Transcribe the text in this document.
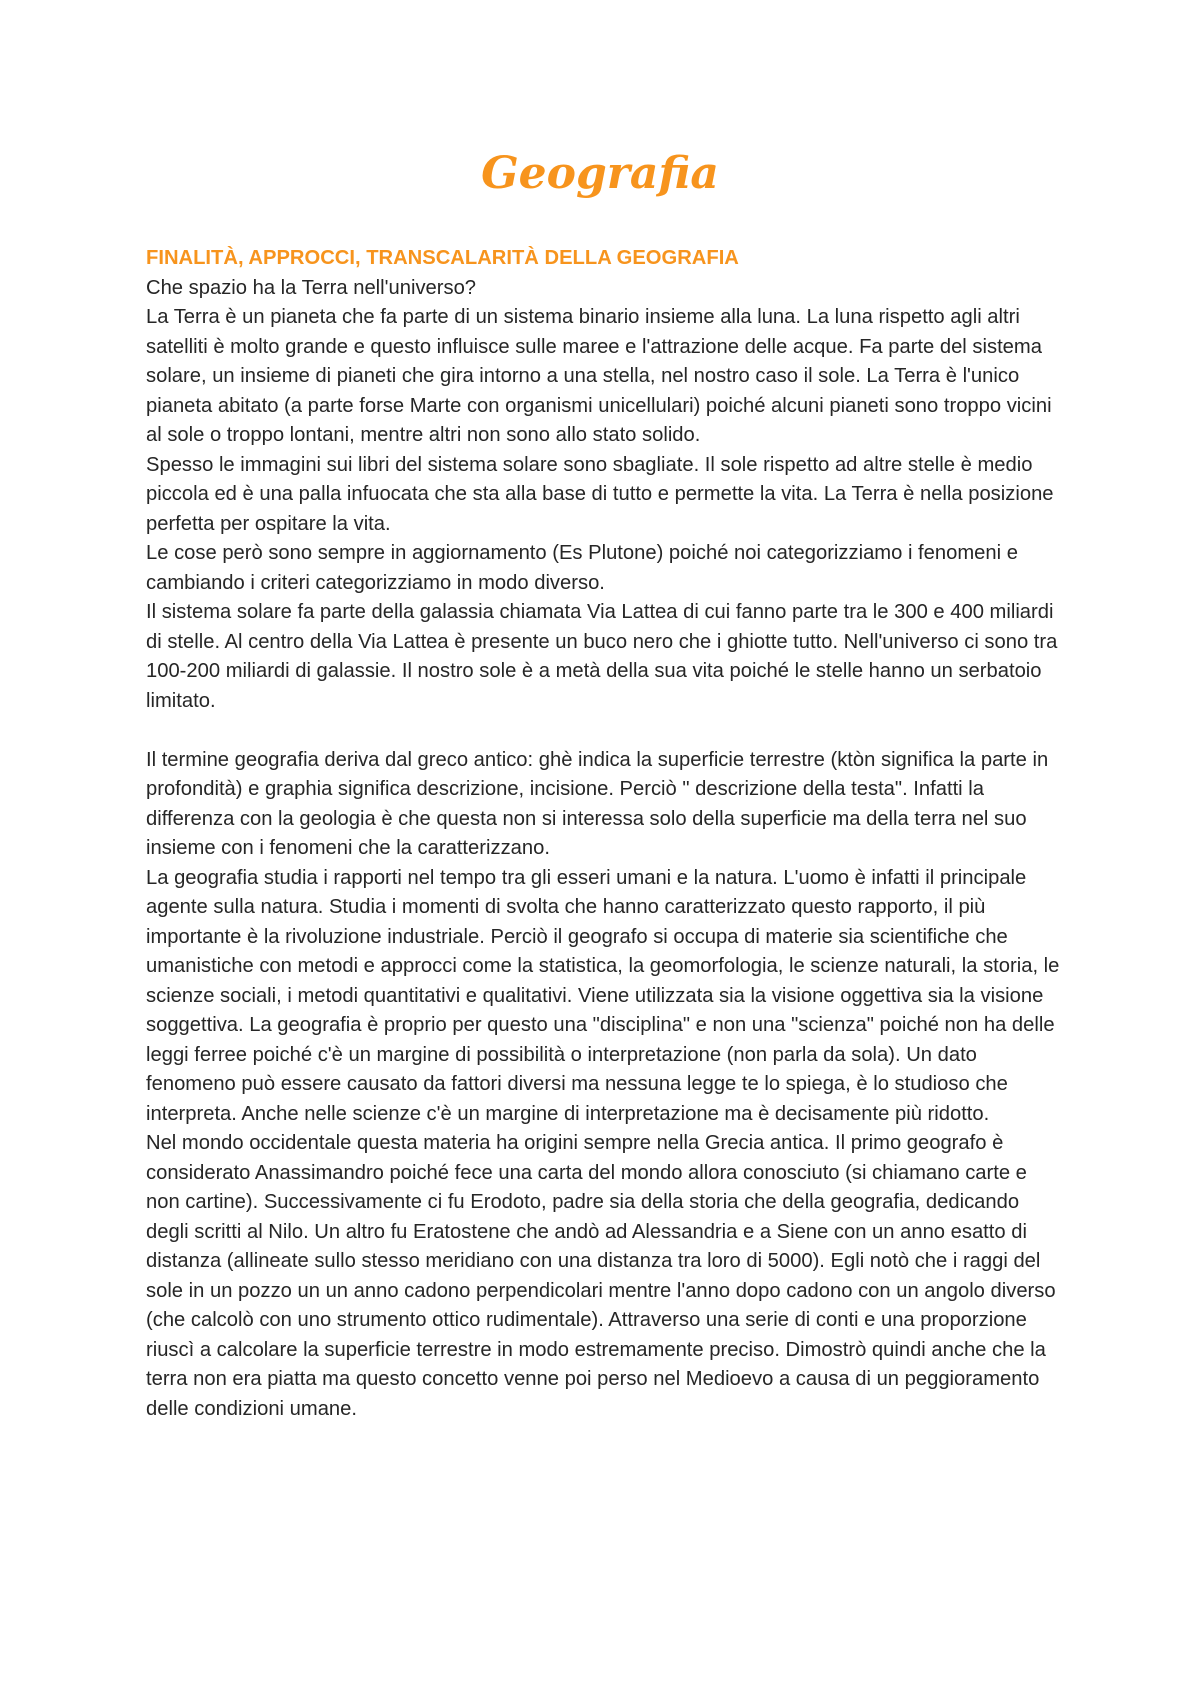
Geografia

FINALITÀ, APPROCCI, TRANSCALARITÀ DELLA GEOGRAFIA

Che spazio ha la Terra nell'universo?

La Terra è un pianeta che fa parte di un sistema binario insieme alla luna. La luna rispetto agli altri satelliti è molto grande e questo influisce sulle maree e l'attrazione delle acque. Fa parte del sistema solare, un insieme di pianeti che gira intorno a una stella, nel nostro caso il sole. La Terra è l'unico pianeta abitato (a parte forse Marte con organismi unicellulari) poiché alcuni pianeti sono troppo vicini al sole o troppo lontani, mentre altri non sono allo stato solido.

Spesso le immagini sui libri del sistema solare sono sbagliate. Il sole rispetto ad altre stelle è medio piccola ed è una palla infuocata che sta alla base di tutto e permette la vita. La Terra è nella posizione perfetta per ospitare la vita.

Le cose però sono sempre in aggiornamento (Es Plutone) poiché noi categorizziamo i fenomeni e cambiando i criteri categorizziamo in modo diverso.

Il sistema solare fa parte della galassia chiamata Via Lattea di cui fanno parte tra le 300 e 400 miliardi di stelle. Al centro della Via Lattea è presente un buco nero che i ghiotte tutto. Nell'universo ci sono tra 100-200 miliardi di galassie. Il nostro sole è a metà della sua vita poiché le stelle hanno un serbatoio limitato.

Il termine geografia deriva dal greco antico: ghè indica la superficie terrestre (ktòn significa la parte in profondità) e graphia significa descrizione, incisione. Perciò " descrizione della testa". Infatti la differenza con la geologia è che questa non si interessa solo della superficie ma della terra nel suo insieme con i fenomeni che la caratterizzano.

La geografia studia i rapporti nel tempo tra gli esseri umani e la natura. L'uomo è infatti il principale agente sulla natura. Studia i momenti di svolta che hanno caratterizzato questo rapporto, il più importante è la rivoluzione industriale. Perciò il geografo si occupa di materie sia scientifiche che umanistiche con metodi e approcci come la statistica, la geomorfologia, le scienze naturali, la storia, le scienze sociali, i metodi quantitativi e qualitativi. Viene utilizzata sia la visione oggettiva sia la visione soggettiva. La geografia è proprio per questo una "disciplina" e non una "scienza" poiché non ha delle leggi ferree poiché c'è un margine di possibilità o interpretazione (non parla da sola). Un dato fenomeno può essere causato da fattori diversi ma nessuna legge te lo spiega, è lo studioso che interpreta. Anche nelle scienze c'è un margine di interpretazione ma è decisamente più ridotto.

Nel mondo occidentale questa materia ha origini sempre nella Grecia antica. Il primo geografo è considerato Anassimandro poiché fece una carta del mondo allora conosciuto (si chiamano carte e non cartine). Successivamente ci fu Erodoto, padre sia della storia che della geografia, dedicando degli scritti al Nilo. Un altro fu Eratostene che andò ad Alessandria e a Siene con un anno esatto di distanza (allineate sullo stesso meridiano con una distanza tra loro di 5000). Egli notò che i raggi del sole in un pozzo un un anno cadono perpendicolari mentre l'anno dopo cadono con un angolo diverso (che calcolò con uno strumento ottico rudimentale). Attraverso una serie di conti e una proporzione riuscì a calcolare la superficie terrestre in modo estremamente preciso. Dimostrò quindi anche che la terra non era piatta ma questo concetto venne poi perso nel Medioevo a causa di un peggioramento delle condizioni umane.
